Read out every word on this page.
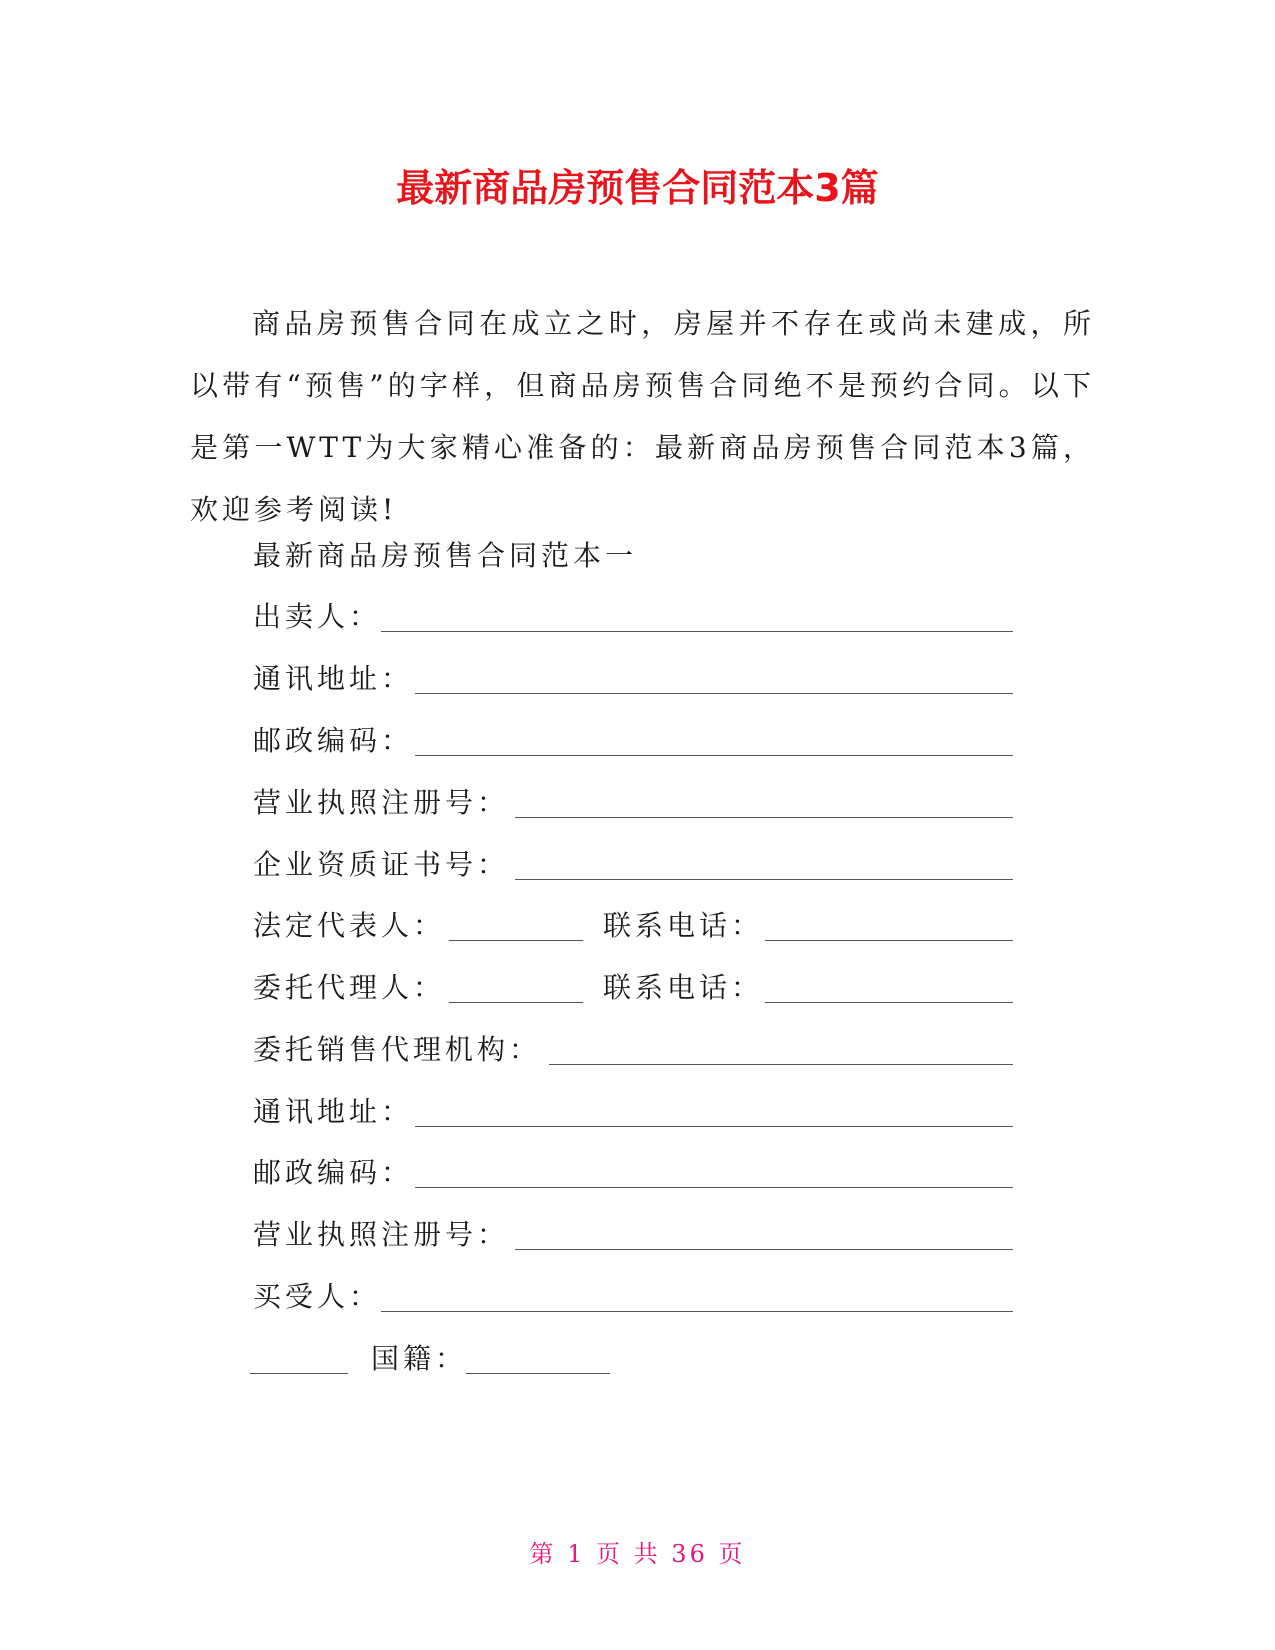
最新商品房预售合同范本3篇

商品房预售合同在成立之时，房屋并不存在或尚未建成，所以带有“预售”的字样，但商品房预售合同绝不是预约合同。以下是第一WTT为大家精心准备的：最新商品房预售合同范本3篇，欢迎参考阅读!

最新商品房预售合同范本一
出卖人：
通讯地址：
邮政编码：
营业执照注册号：
企业资质证书号：
法定代表人：	联系电话：
委托代理人：	联系电话：
委托销售代理机构：
通讯地址：
邮政编码：
营业执照注册号：
买受人：
国籍：
第 1 页 共 36 页
